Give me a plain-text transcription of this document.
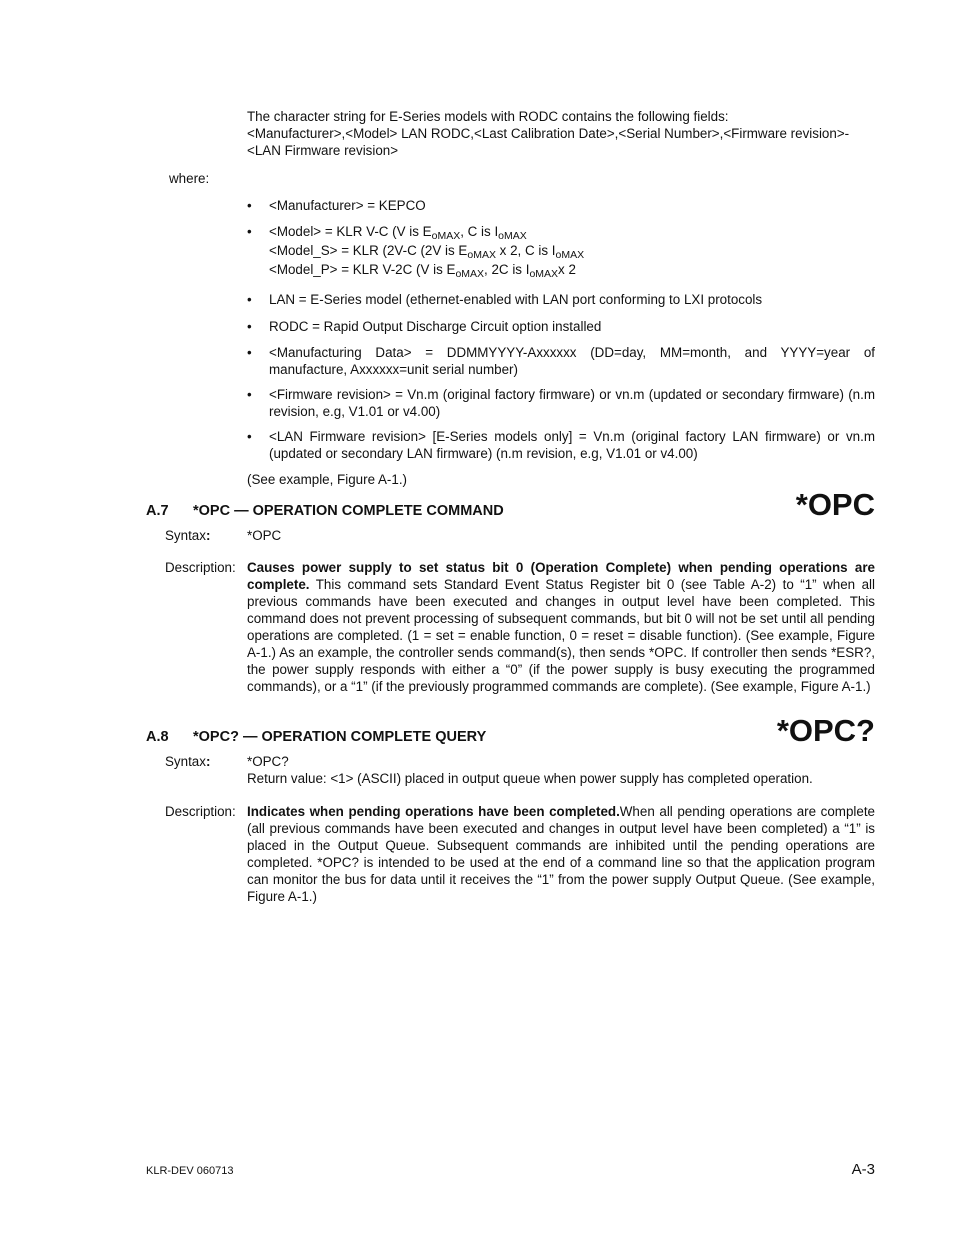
The character string for E-Series models with RODC contains the following fields:
<Manufacturer>,<Model> LAN RODC,<Last Calibration Date>,<Serial Number>,<Firmware revision>-
<LAN Firmware revision>
where:
• <Manufacturer> = KEPCO
• <Model> = KLR V-C (V is $E_{oMAX}$, C is $I_{oMAX}$
<Model_S> = KLR (2V-C (2V is $E_{oMAX}$ x 2, C is $I_{oMAX}$
<Model_P> = KLR V-2C (V is $E_{oMAX}$, 2C is $I_{oMAX}x$ 2
• LAN = E-Series model (ethernet-enabled with LAN port conforming to LXI protocols
• RODC = Rapid Output Discharge Circuit option installed
• <Manufacturing Data> = DDMMYYYY-Axxxxxx (DD=day, MM=month, and YYYY=year of manufacture, Axxxxxx=unit serial number)
• <Firmware revision> = Vn.m (original factory firmware) or vn.m (updated or secondary firmware) (n.m revision, e.g, V1.01 or v4.00)
• <LAN Firmware revision> [E-Series models only] = Vn.m (original factory LAN firmware) or vn.m (updated or secondary LAN firmware) (n.m revision, e.g, V1.01 or v4.00)
(See example, Figure A-1.)
A.7 *OPC — OPERATION COMPLETE COMMAND	*OPC
Syntax:	*OPC
Description: Causes power supply to set status bit 0 (Operation Complete) when pending operations are complete. This command sets Standard Event Status Register bit 0 (see Table A-2) to “1” when all previous commands have been executed and changes in output level have been completed. This command does not prevent processing of subsequent commands, but bit 0 will not be set until all pending operations are completed. (1 = set = enable function, 0 = reset = disable function). (See example, Figure A-1.) As an example, the controller sends command(s), then sends *OPC. If controller then sends *ESR?, the power supply responds with either a “0” (if the power supply is busy executing the programmed commands), or a “1” (if the previously programmed commands are complete). (See example, Figure A-1.)
A.8 *OPC? — OPERATION COMPLETE QUERY	*OPC?
Syntax:	*OPC?
Return value: <1> (ASCII) placed in output queue when power supply has completed operation.
Description: Indicates when pending operations have been completed.When all pending operations are complete (all previous commands have been executed and changes in output level have been completed) a “1” is placed in the Output Queue. Subsequent commands are inhibited until the pending operations are completed. *OPC? is intended to be used at the end of a command line so that the application program can monitor the bus for data until it receives the “1” from the power supply Output Queue. (See example, Figure A-1.)
KLR-DEV 060713	A-3
